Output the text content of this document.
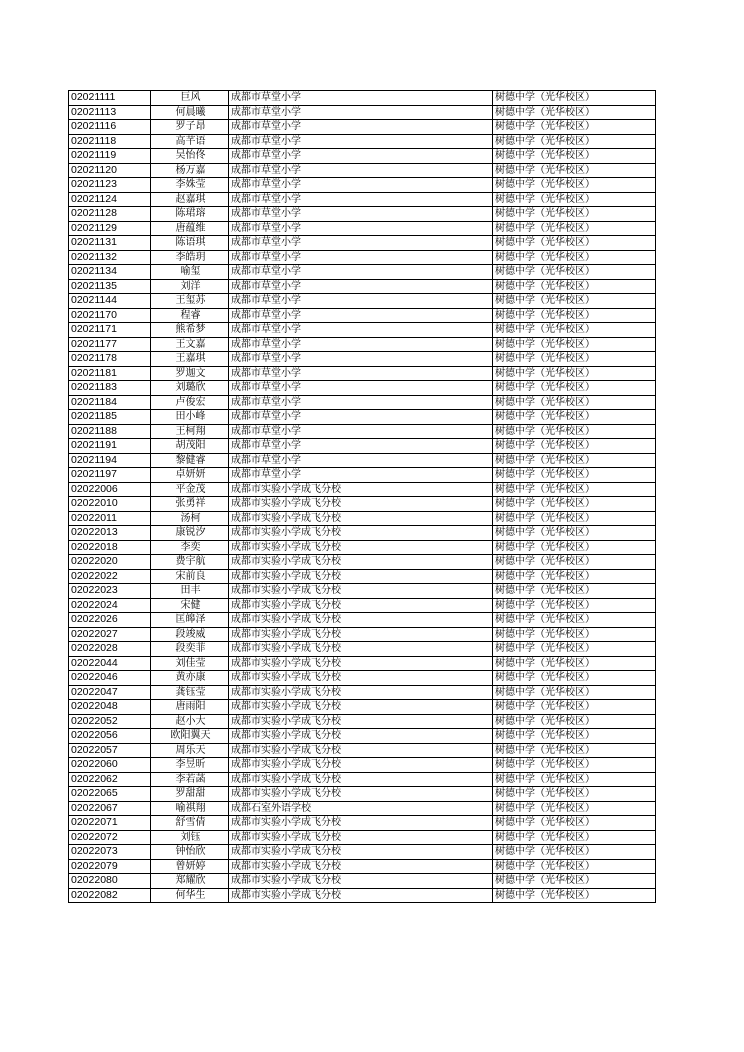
02021111	巨风	成都市草堂小学	树德中学（光华校区）
02021113	何晨曦	成都市草堂小学	树德中学（光华校区）
02021116	罗子昂	成都市草堂小学	树德中学（光华校区）
02021118	高芊语	成都市草堂小学	树德中学（光华校区）
02021119	吴怡佟	成都市草堂小学	树德中学（光华校区）
02021120	杨万嘉	成都市草堂小学	树德中学（光华校区）
02021123	李姝莹	成都市草堂小学	树德中学（光华校区）
02021124	赵嘉琪	成都市草堂小学	树德中学（光华校区）
02021128	陈珺瑢	成都市草堂小学	树德中学（光华校区）
02021129	唐蕴维	成都市草堂小学	树德中学（光华校区）
02021131	陈语琪	成都市草堂小学	树德中学（光华校区）
02021132	李皓玥	成都市草堂小学	树德中学（光华校区）
02021134	喻玺	成都市草堂小学	树德中学（光华校区）
02021135	刘洋	成都市草堂小学	树德中学（光华校区）
02021144	王玺苏	成都市草堂小学	树德中学（光华校区）
02021170	程睿	成都市草堂小学	树德中学（光华校区）
02021171	熊希梦	成都市草堂小学	树德中学（光华校区）
02021177	王文嘉	成都市草堂小学	树德中学（光华校区）
02021178	王嘉琪	成都市草堂小学	树德中学（光华校区）
02021181	罗迦文	成都市草堂小学	树德中学（光华校区）
02021183	刘璐欣	成都市草堂小学	树德中学（光华校区）
02021184	卢俊宏	成都市草堂小学	树德中学（光华校区）
02021185	田小峰	成都市草堂小学	树德中学（光华校区）
02021188	王柯翔	成都市草堂小学	树德中学（光华校区）
02021191	胡茂阳	成都市草堂小学	树德中学（光华校区）
02021194	黎健睿	成都市草堂小学	树德中学（光华校区）
02021197	卓妍妍	成都市草堂小学	树德中学（光华校区）
02022006	平金茂	成都市实验小学成飞分校	树德中学（光华校区）
02022010	张勇祥	成都市实验小学成飞分校	树德中学（光华校区）
02022011	汤柯	成都市实验小学成飞分校	树德中学（光华校区）
02022013	康锐汐	成都市实验小学成飞分校	树德中学（光华校区）
02022018	李奕	成都市实验小学成飞分校	树德中学（光华校区）
02022020	费宇航	成都市实验小学成飞分校	树德中学（光华校区）
02022022	宋前良	成都市实验小学成飞分校	树德中学（光华校区）
02022023	田丰	成都市实验小学成飞分校	树德中学（光华校区）
02022024	宋健	成都市实验小学成飞分校	树德中学（光华校区）
02022026	匡皞泽	成都市实验小学成飞分校	树德中学（光华校区）
02022027	段竣威	成都市实验小学成飞分校	树德中学（光华校区）
02022028	段奕菲	成都市实验小学成飞分校	树德中学（光华校区）
02022044	刘佳莹	成都市实验小学成飞分校	树德中学（光华校区）
02022046	黄亦康	成都市实验小学成飞分校	树德中学（光华校区）
02022047	龚钰莹	成都市实验小学成飞分校	树德中学（光华校区）
02022048	唐雨阳	成都市实验小学成飞分校	树德中学（光华校区）
02022052	赵小大	成都市实验小学成飞分校	树德中学（光华校区）
02022056	欧阳翼天	成都市实验小学成飞分校	树德中学（光华校区）
02022057	周乐天	成都市实验小学成飞分校	树德中学（光华校区）
02022060	李昱昕	成都市实验小学成飞分校	树德中学（光华校区）
02022062	李若菡	成都市实验小学成飞分校	树德中学（光华校区）
02022065	罗甜甜	成都市实验小学成飞分校	树德中学（光华校区）
02022067	喻祺翔	成都石室外语学校	树德中学（光华校区）
02022071	舒雪倩	成都市实验小学成飞分校	树德中学（光华校区）
02022072	刘钰	成都市实验小学成飞分校	树德中学（光华校区）
02022073	钟怡欣	成都市实验小学成飞分校	树德中学（光华校区）
02022079	曾妍婷	成都市实验小学成飞分校	树德中学（光华校区）
02022080	郑耀欣	成都市实验小学成飞分校	树德中学（光华校区）
02022082	何华生	成都市实验小学成飞分校	树德中学（光华校区）
